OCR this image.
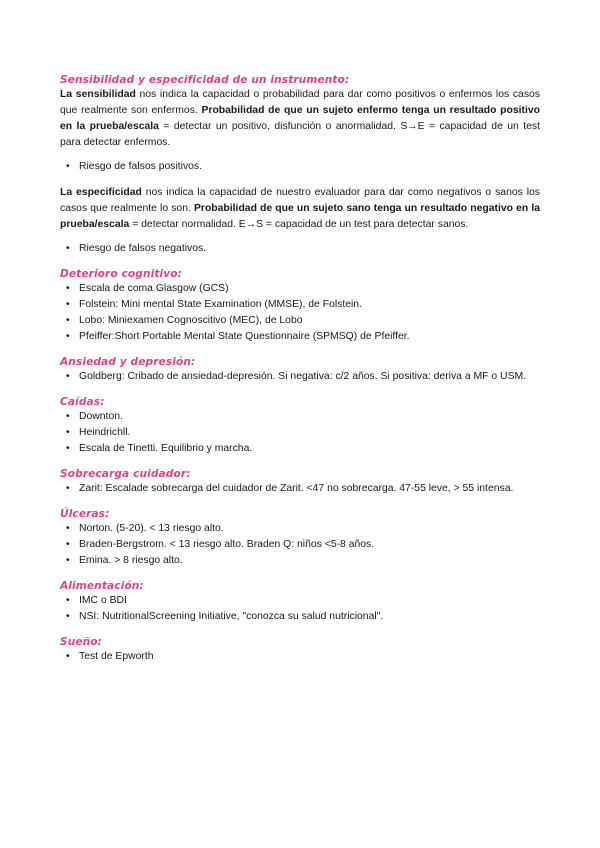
Sensibilidad y especificidad de un instrumento:

La sensibilidad nos indica la capacidad o probabilidad para dar como positivos o enfermos los casos que realmente son enfermos. Probabilidad de que un sujeto enfermo tenga un resultado positivo en la prueba/escala = detectar un positivo, disfunción o anormalidad. S→E = capacidad de un test para detectar enfermos.

• Riesgo de falsos positivos.

La especificidad nos indica la capacidad de nuestro evaluador para dar como negativos o sanos los casos que realmente lo son. Probabilidad de que un sujeto sano tenga un resultado negativo en la prueba/escala = detectar normalidad. E→S = capacidad de un test para detectar sanos.

• Riesgo de falsos negativos.

Deterioro cognitivo:

• Escala de coma Glasgow (GCS)
• Folstein: Mini mental State Examination (MMSE), de Folstein.
• Lobo: Miniexamen Cognoscitivo (MEC), de Lobo
• Pfeiffer:Short Portable Mental State Questionnaire (SPMSQ) de Pfeiffer.

Ansiedad y depresión:

• Goldberg: Cribado de ansiedad-depresión. Si negativa: c/2 años. Si positiva: deriva a MF o USM.

Caídas:

• Downton.
• Heindrichll.
• Escala de Tinetti. Equilibrio y marcha.

Sobrecarga cuidador:

• Zarit: Escalade sobrecarga del cuidador de Zarit. <47 no sobrecarga. 47-55 leve, > 55 intensa.

Úlceras:

• Norton. (5-20). < 13 riesgo alto.
• Braden-Bergstrom. < 13 riesgo alto. Braden Q: niños <5-8 años.
• Emina. > 8 riesgo alto.

Alimentación:

• IMC o BDI
• NSI: NutritionalScreening Initiative, "conozca su salud nutricional".

Sueño:

• Test de Epworth
